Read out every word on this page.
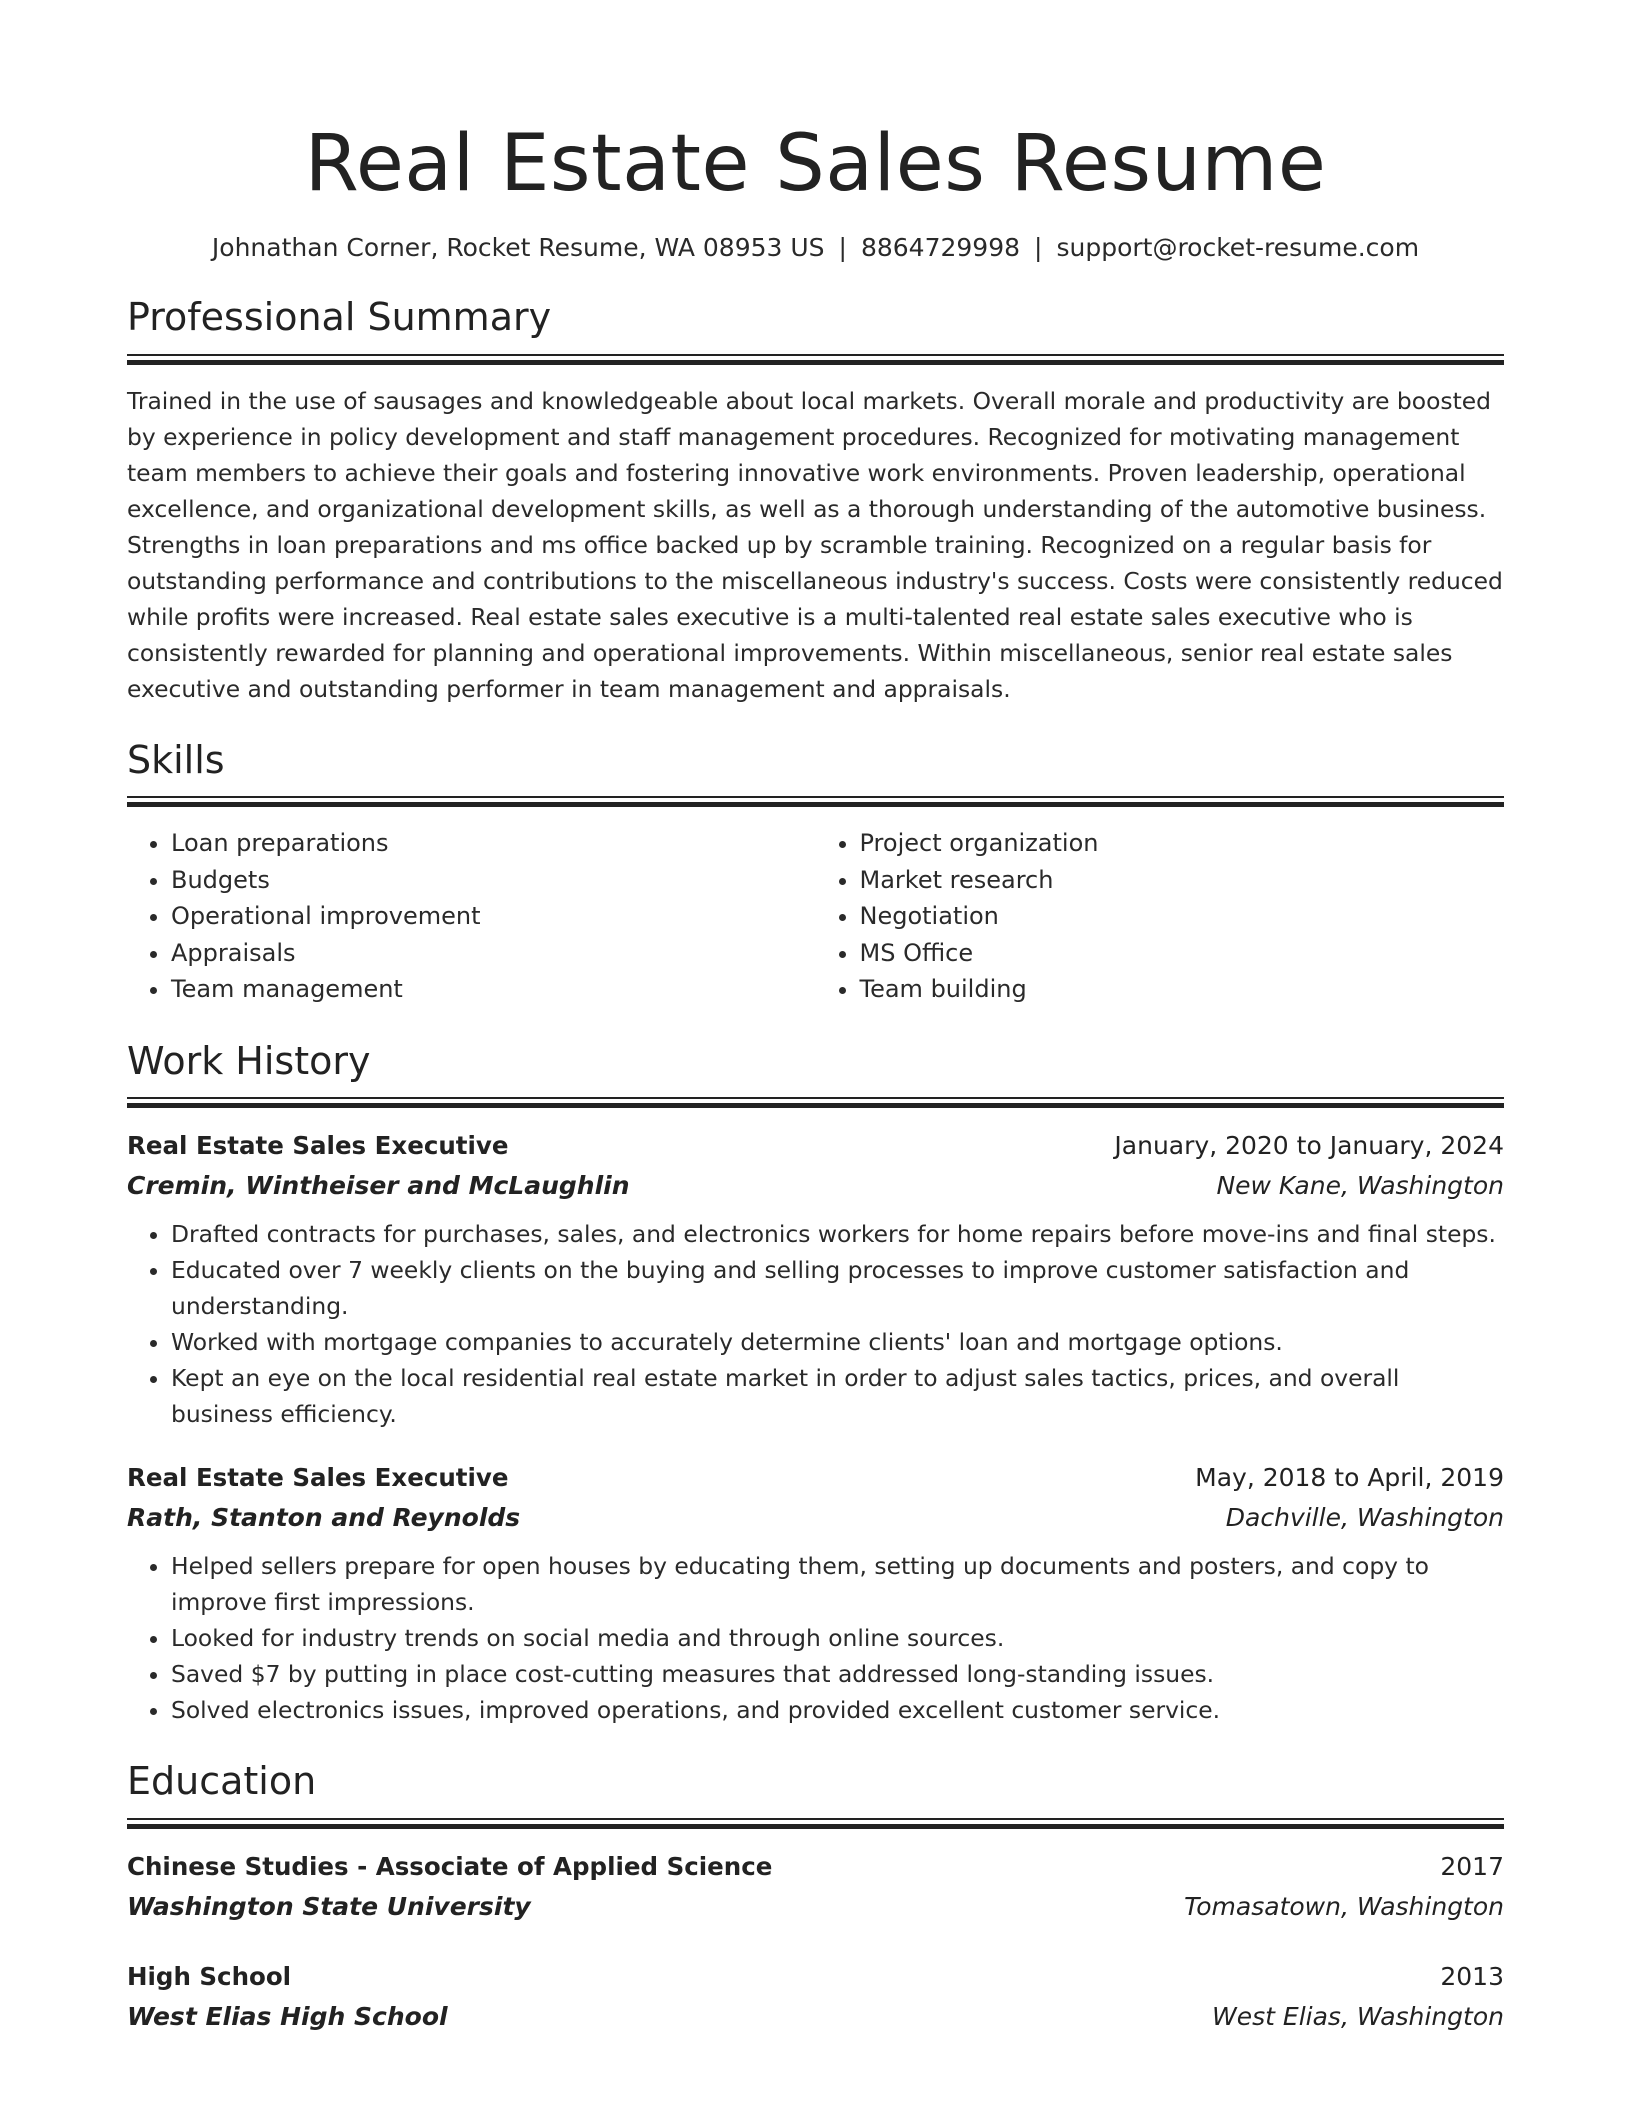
Real Estate Sales Resume
Johnathan Corner, Rocket Resume, WA 08953 US | 8864729998 | support@rocket-resume.com
Professional Summary

Trained in the use of sausages and knowledgeable about local markets. Overall morale and productivity are boosted by experience in policy development and staff management procedures. Recognized for motivating management team members to achieve their goals and fostering innovative work environments. Proven leadership, operational excellence, and organizational development skills, as well as a thorough understanding of the automotive business. Strengths in loan preparations and ms office backed up by scramble training. Recognized on a regular basis for outstanding performance and contributions to the miscellaneous industry's success. Costs were consistently reduced while profits were increased. Real estate sales executive is a multi-talented real estate sales executive who is consistently rewarded for planning and operational improvements. Within miscellaneous, senior real estate sales executive and outstanding performer in team management and appraisals.

Skills
• Loan preparations
• Budgets
• Operational improvement
• Appraisals
• Team management
• Project organization
• Market research
• Negotiation
• MS Office
• Team building
Work History
Real Estate Sales Executive	January, 2020 to January, 2024
Cremin, Wintheiser and McLaughlin	New Kane, Washington
• Drafted contracts for purchases, sales, and electronics workers for home repairs before move-ins and final steps.
• Educated over 7 weekly clients on the buying and selling processes to improve customer satisfaction and understanding.
• Worked with mortgage companies to accurately determine clients' loan and mortgage options.
• Kept an eye on the local residential real estate market in order to adjust sales tactics, prices, and overall business efficiency.
Real Estate Sales Executive	May, 2018 to April, 2019
Rath, Stanton and Reynolds	Dachville, Washington
• Helped sellers prepare for open houses by educating them, setting up documents and posters, and copy to improve first impressions.
• Looked for industry trends on social media and through online sources.
• Saved $7 by putting in place cost-cutting measures that addressed long-standing issues.
• Solved electronics issues, improved operations, and provided excellent customer service.
Education
Chinese Studies - Associate of Applied Science	2017
Washington State University	Tomasatown, Washington
High School	2013
West Elias High School	West Elias, Washington
